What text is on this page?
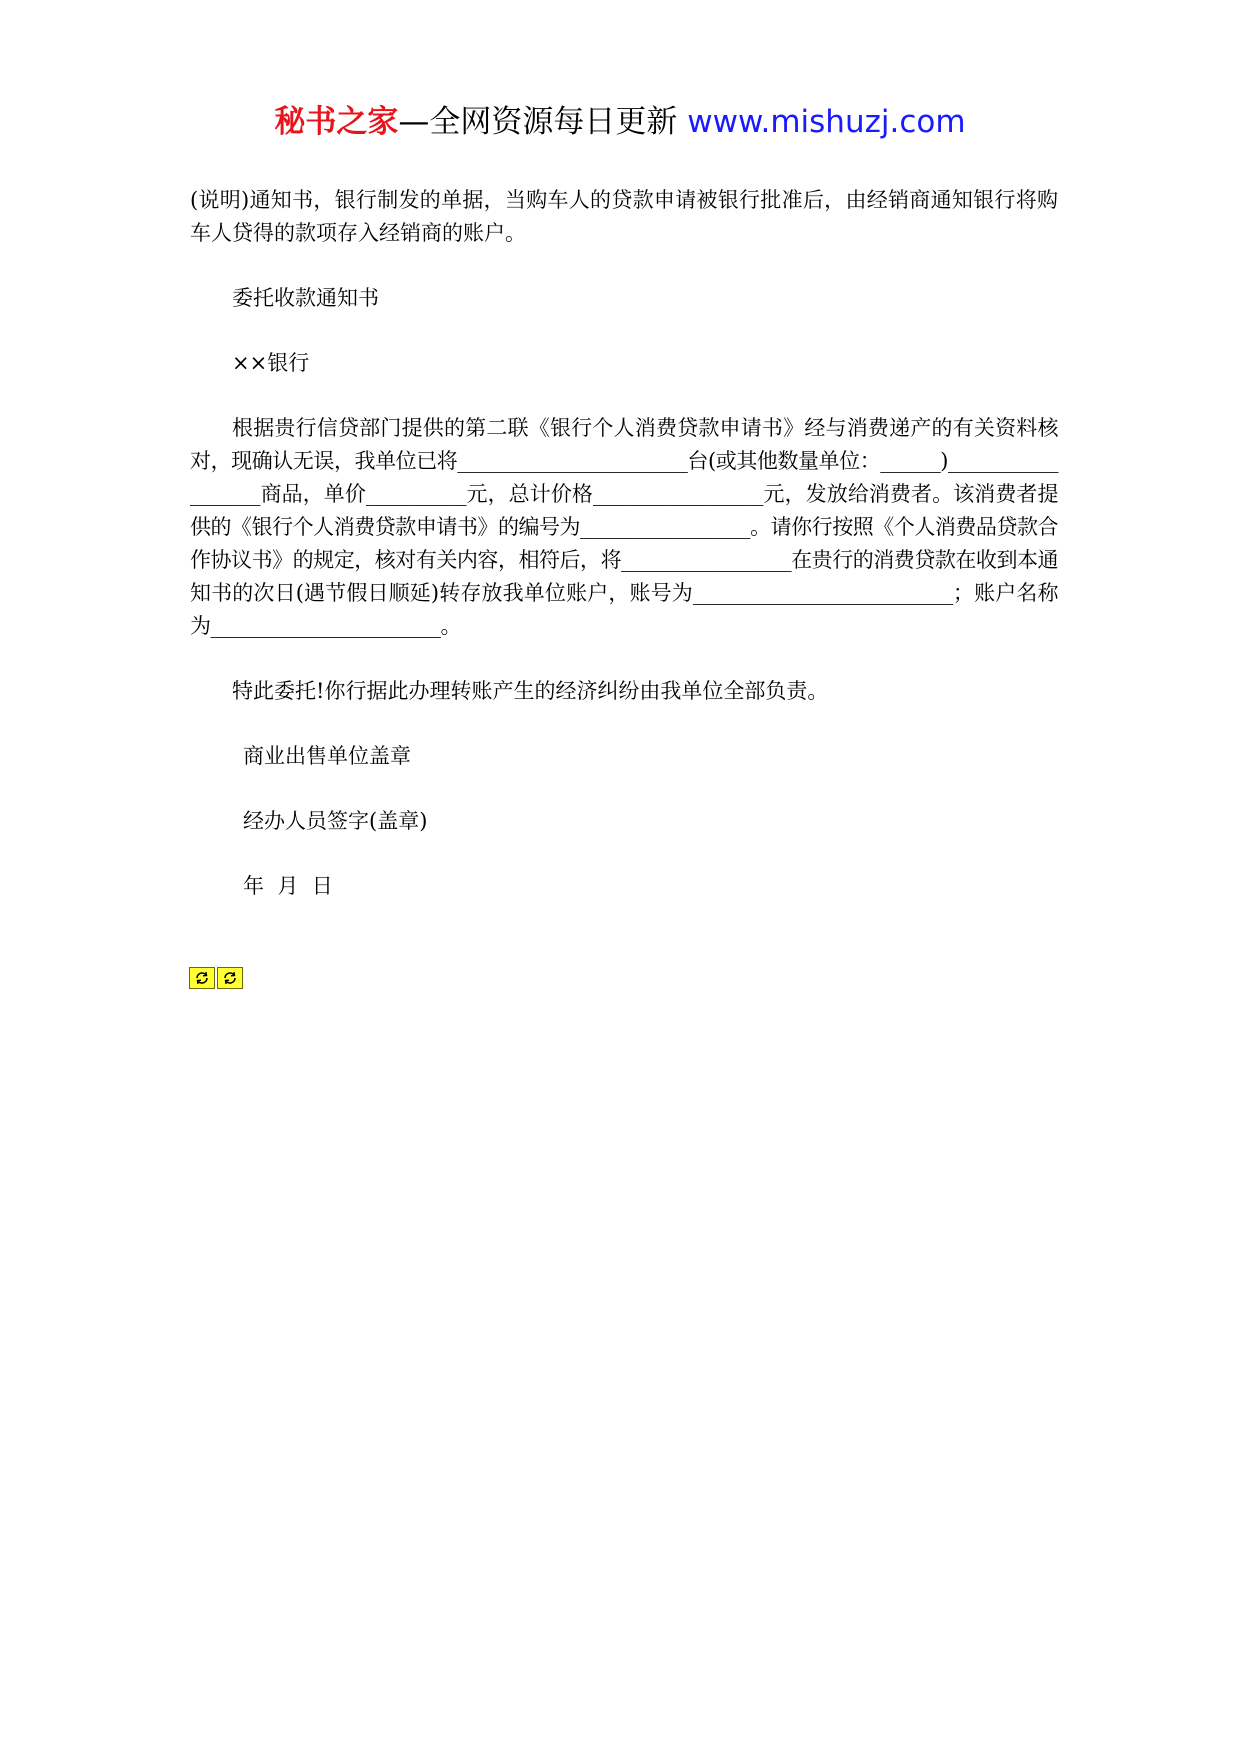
秘书之家—全网资源每日更新 www.mishuzj.com

(说明)通知书，银行制发的单据，当购车人的贷款申请被银行批准后，由经销商通知银行将购车人贷得的款项存入经销商的账户。

委托收款通知书

××银行

根据贵行信贷部门提供的第二联《银行个人消费贷款申请书》经与消费递产的有关资料核对，现确认无误，我单位已将_______________________台(或其他数量单位：______)__________________商品，单价__________元，总计价格_________________元，发放给消费者。该消费者提供的《银行个人消费贷款申请书》的编号为_________________。请你行按照《个人消费品贷款合作协议书》的规定，核对有关内容，相符后，将_________________在贵行的消费贷款在收到本通知书的次日(遇节假日顺延)转存放我单位账户，账号为__________________________；账户名称为_______________________。

特此委托!你行据此办理转账产生的经济纠纷由我单位全部负责。

商业出售单位盖章

经办人员签字(盖章)

年  月  日
